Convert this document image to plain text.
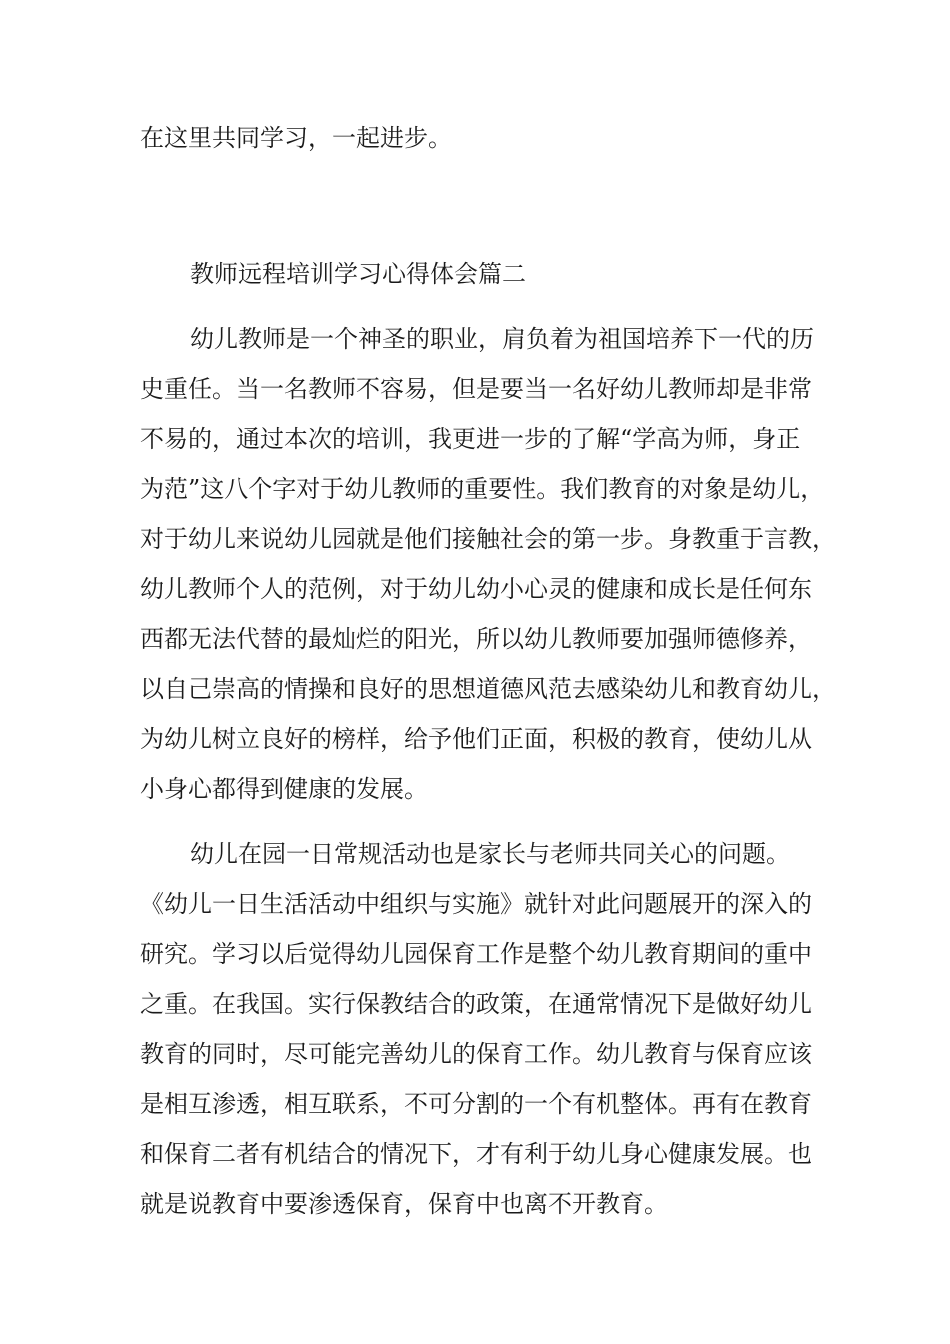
在这里共同学习，一起进步。
教师远程培训学习心得体会篇二
幼儿教师是一个神圣的职业，肩负着为祖国培养下一代的历
史重任。当一名教师不容易，但是要当一名好幼儿教师却是非常
不易的，通过本次的培训，我更进一步的了解“学高为师，身正
为范”这八个字对于幼儿教师的重要性。我们教育的对象是幼儿，
对于幼儿来说幼儿园就是他们接触社会的第一步。身教重于言教，
幼儿教师个人的范例，对于幼儿幼小心灵的健康和成长是任何东
西都无法代替的最灿烂的阳光，所以幼儿教师要加强师德修养，
以自己崇高的情操和良好的思想道德风范去感染幼儿和教育幼儿，
为幼儿树立良好的榜样，给予他们正面，积极的教育，使幼儿从
小身心都得到健康的发展。
幼儿在园一日常规活动也是家长与老师共同关心的问题。
《幼儿一日生活活动中组织与实施》就针对此问题展开的深入的
研究。学习以后觉得幼儿园保育工作是整个幼儿教育期间的重中
之重。在我国。实行保教结合的政策，在通常情况下是做好幼儿
教育的同时，尽可能完善幼儿的保育工作。幼儿教育与保育应该
是相互渗透，相互联系，不可分割的一个有机整体。再有在教育
和保育二者有机结合的情况下，才有利于幼儿身心健康发展。也
就是说教育中要渗透保育，保育中也离不开教育。
